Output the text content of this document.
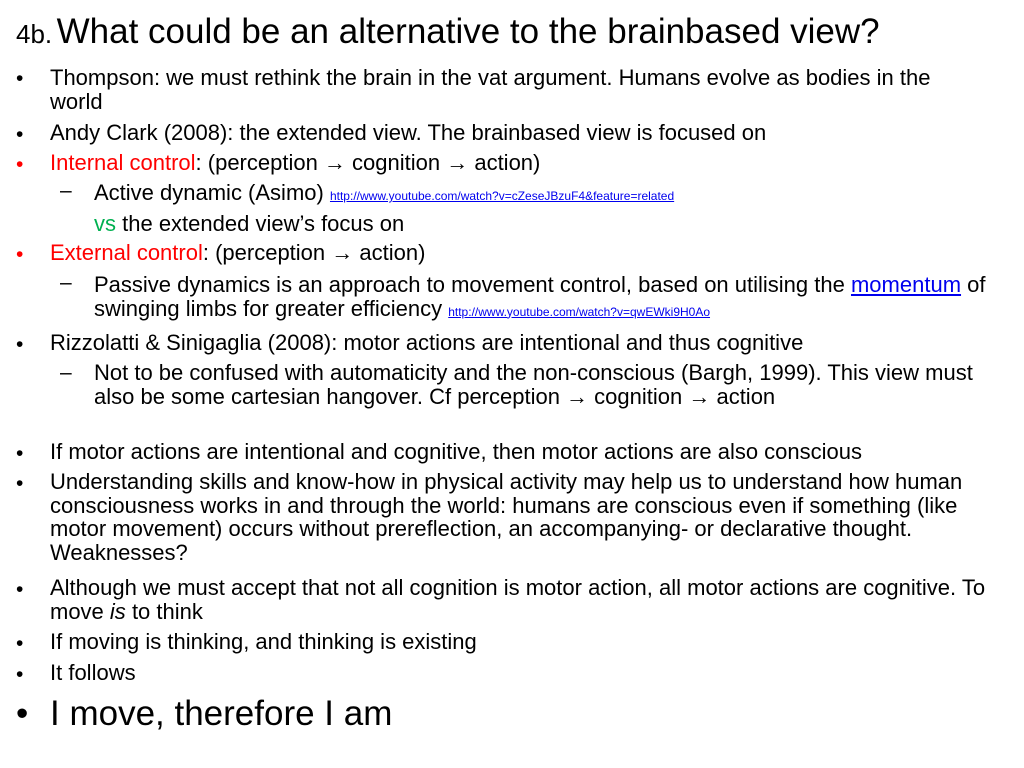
4b. What could be an alternative to the brainbased view?
• Thompson: we must rethink the brain in the vat argument. Humans evolve as bodies in the world
• Andy Clark (2008): the extended view. The brainbased view is focused on
• Internal control: (perception → cognition → action)
– Active dynamic (Asimo) http://www.youtube.com/watch?v=cZeseJBzuF4&feature=related
vs the extended view’s focus on
• External control: (perception → action)
– Passive dynamics is an approach to movement control, based on utilising the momentum of swinging limbs for greater efficiency http://www.youtube.com/watch?v=qwEWki9H0Ao
• Rizzolatti & Sinigaglia (2008): motor actions are intentional and thus cognitive
– Not to be confused with automaticity and the non-conscious (Bargh, 1999). This view must also be some cartesian hangover. Cf perception → cognition → action
• If motor actions are intentional and cognitive, then motor actions are also conscious
• Understanding skills and know-how in physical activity may help us to understand how human consciousness works in and through the world: humans are conscious even if something (like motor movement) occurs without prereflection, an accompanying- or declarative thought. Weaknesses?
• Although we must accept that not all cognition is motor action, all motor actions are cognitive. To move is to think
• If moving is thinking, and thinking is existing
• It follows
• I move, therefore I am
